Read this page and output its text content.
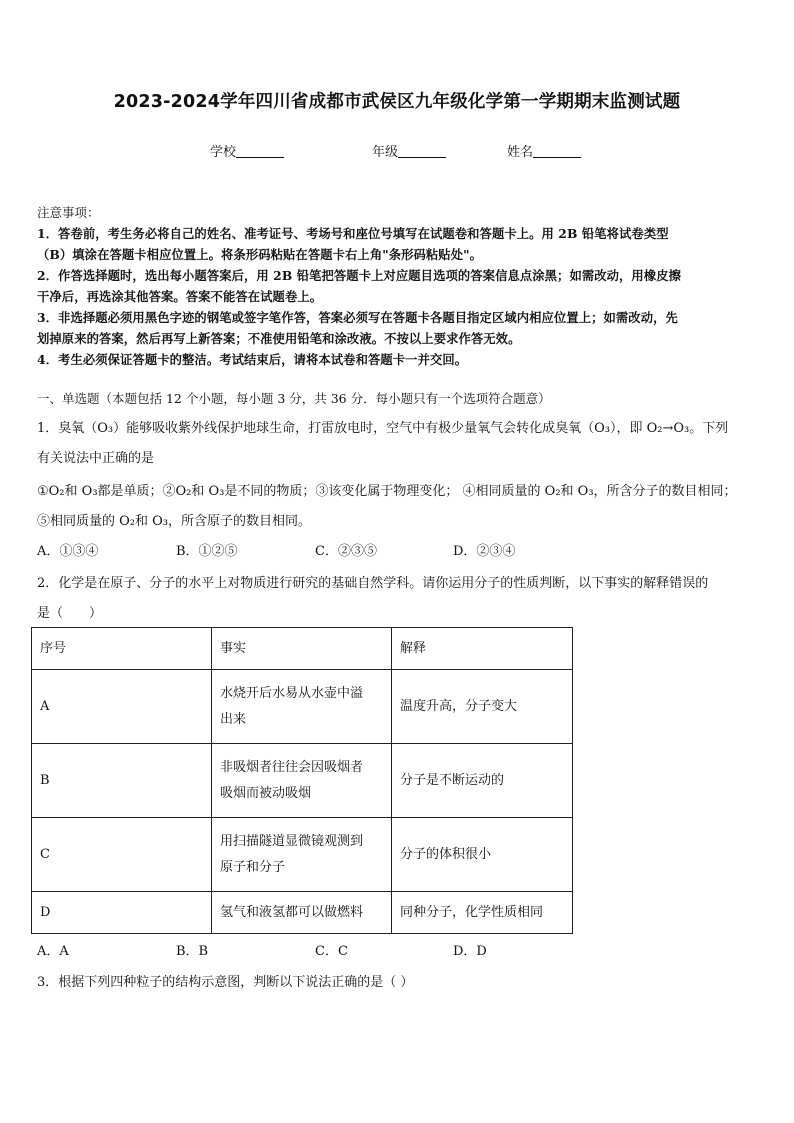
2023-2024学年四川省成都市武侯区九年级化学第一学期期末监测试题
学校	年级	姓名
注意事项：
1．答卷前，考生务必将自己的姓名、准考证号、考场号和座位号填写在试题卷和答题卡上。用 2B 铅笔将试卷类型
（B）填涂在答题卡相应位置上。将条形码粘贴在答题卡右上角"条形码粘贴处"。
2．作答选择题时，选出每小题答案后，用 2B 铅笔把答题卡上对应题目选项的答案信息点涂黑；如需改动，用橡皮擦
干净后，再选涂其他答案。答案不能答在试题卷上。
3．非选择题必须用黑色字迹的钢笔或签字笔作答，答案必须写在答题卡各题目指定区域内相应位置上；如需改动，先
划掉原来的答案，然后再写上新答案；不准使用铅笔和涂改液。不按以上要求作答无效。
4．考生必须保证答题卡的整洁。考试结束后，请将本试卷和答题卡一并交回。
一、单选题（本题包括 12 个小题，每小题 3 分，共 36 分．每小题只有一个选项符合题意）
1．臭氧（O₃）能够吸收紫外线保护地球生命，打雷放电时，空气中有极少量氧气会转化成臭氧（O₃），即 O₂→O₃。下列
有关说法中正确的是
①O₂和 O₃都是单质；②O₂和 O₃是不同的物质；③该变化属于物理变化； ④相同质量的 O₂和 O₃，所含分子的数目相同；
⑤相同质量的 O₂和 O₃，所含原子的数目相同。
A．①③④	B．①②⑤	C．②③⑤	D．②③④
2．化学是在原子、分子的水平上对物质进行研究的基础自然学科。请你运用分子的性质判断，以下事实的解释错误的
是（　　）
序号	事实	解释
A	水烧开后水易从水壶中溢
出来	温度升高，分子变大
B	非吸烟者往往会因吸烟者
吸烟而被动吸烟	分子是不断运动的
C	用扫描隧道显微镜观测到
原子和分子	分子的体积很小
D	氢气和液氢都可以做燃料	同种分子，化学性质相同
A．A	B．B	C．C	D．D
3．根据下列四种粒子的结构示意图，判断以下说法正确的是（ ）
